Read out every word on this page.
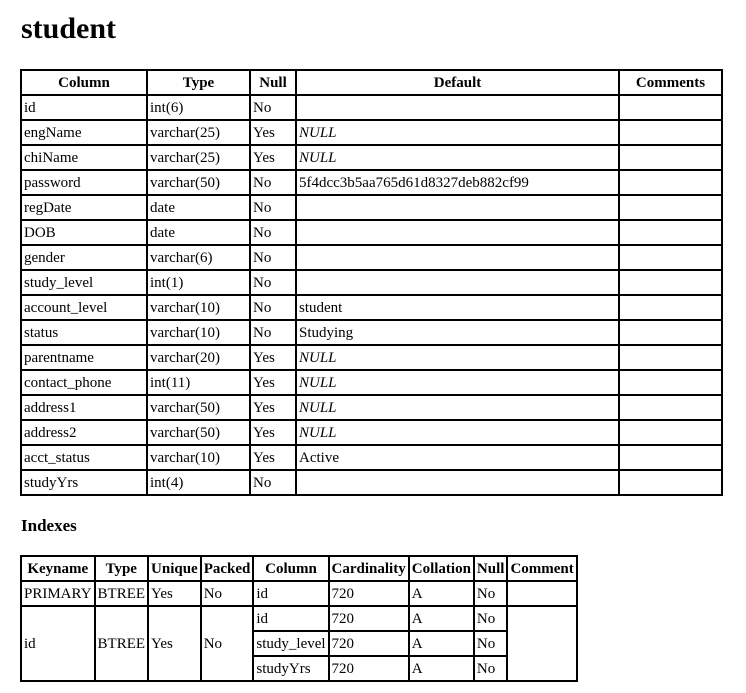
student
Column	Type	Null	Default	Comments
id	int(6)	No		
engName	varchar(25)	Yes	NULL	
chiName	varchar(25)	Yes	NULL	
password	varchar(50)	No	5f4dcc3b5aa765d61d8327deb882cf99	
regDate	date	No		
DOB	date	No		
gender	varchar(6)	No		
study_level	int(1)	No		
account_level	varchar(10)	No	student	
status	varchar(10)	No	Studying	
parentname	varchar(20)	Yes	NULL	
contact_phone	int(11)	Yes	NULL	
address1	varchar(50)	Yes	NULL	
address2	varchar(50)	Yes	NULL	
acct_status	varchar(10)	Yes	Active	
studyYrs	int(4)	No		
Indexes
Keyname	Type	Unique	Packed	Column	Cardinality	Collation	Null	Comment
PRIMARY	BTREE	Yes	No	id	720	A	No	
id	BTREE	Yes	No	id	720	A	No	
				study_level	720	A	No	
				studyYrs	720	A	No	
